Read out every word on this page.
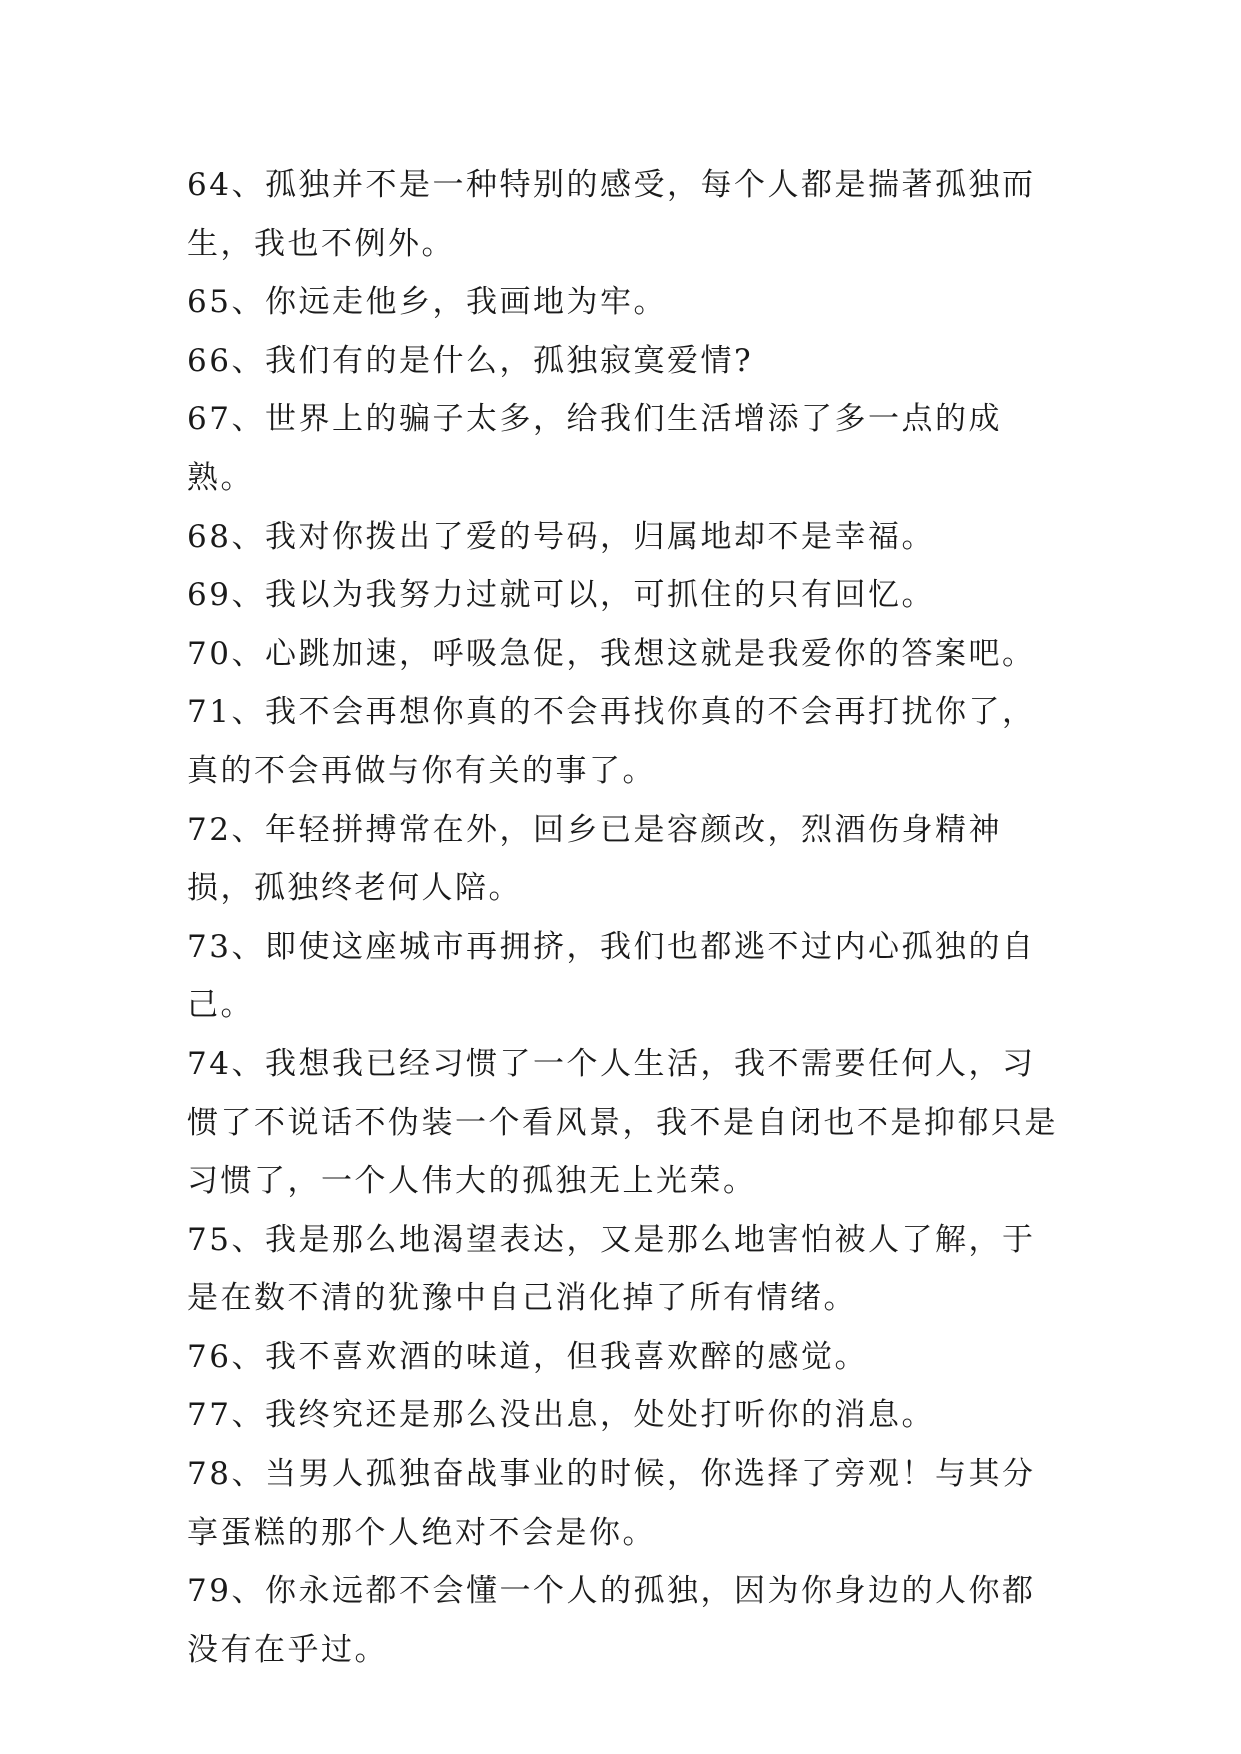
64、孤独并不是一种特别的感受，每个人都是揣著孤独而生，我也不例外。

65、你远走他乡，我画地为牢。

66、我们有的是什么，孤独寂寞爱情?

67、世界上的骗子太多，给我们生活增添了多一点的成熟。

68、我对你拨出了爱的号码，归属地却不是幸福。

69、我以为我努力过就可以，可抓住的只有回忆。

70、心跳加速，呼吸急促，我想这就是我爱你的答案吧。

71、我不会再想你真的不会再找你真的不会再打扰你了，真的不会再做与你有关的事了。

72、年轻拼搏常在外，回乡已是容颜改，烈酒伤身精神损，孤独终老何人陪。

73、即使这座城市再拥挤，我们也都逃不过内心孤独的自己。

74、我想我已经习惯了一个人生活，我不需要任何人，习惯了不说话不伪装一个看风景，我不是自闭也不是抑郁只是习惯了，一个人伟大的孤独无上光荣。

75、我是那么地渴望表达，又是那么地害怕被人了解，于是在数不清的犹豫中自己消化掉了所有情绪。

76、我不喜欢酒的味道，但我喜欢醉的感觉。

77、我终究还是那么没出息，处处打听你的消息。

78、当男人孤独奋战事业的时候，你选择了旁观！与其分享蛋糕的那个人绝对不会是你。

79、你永远都不会懂一个人的孤独，因为你身边的人你都没有在乎过。
